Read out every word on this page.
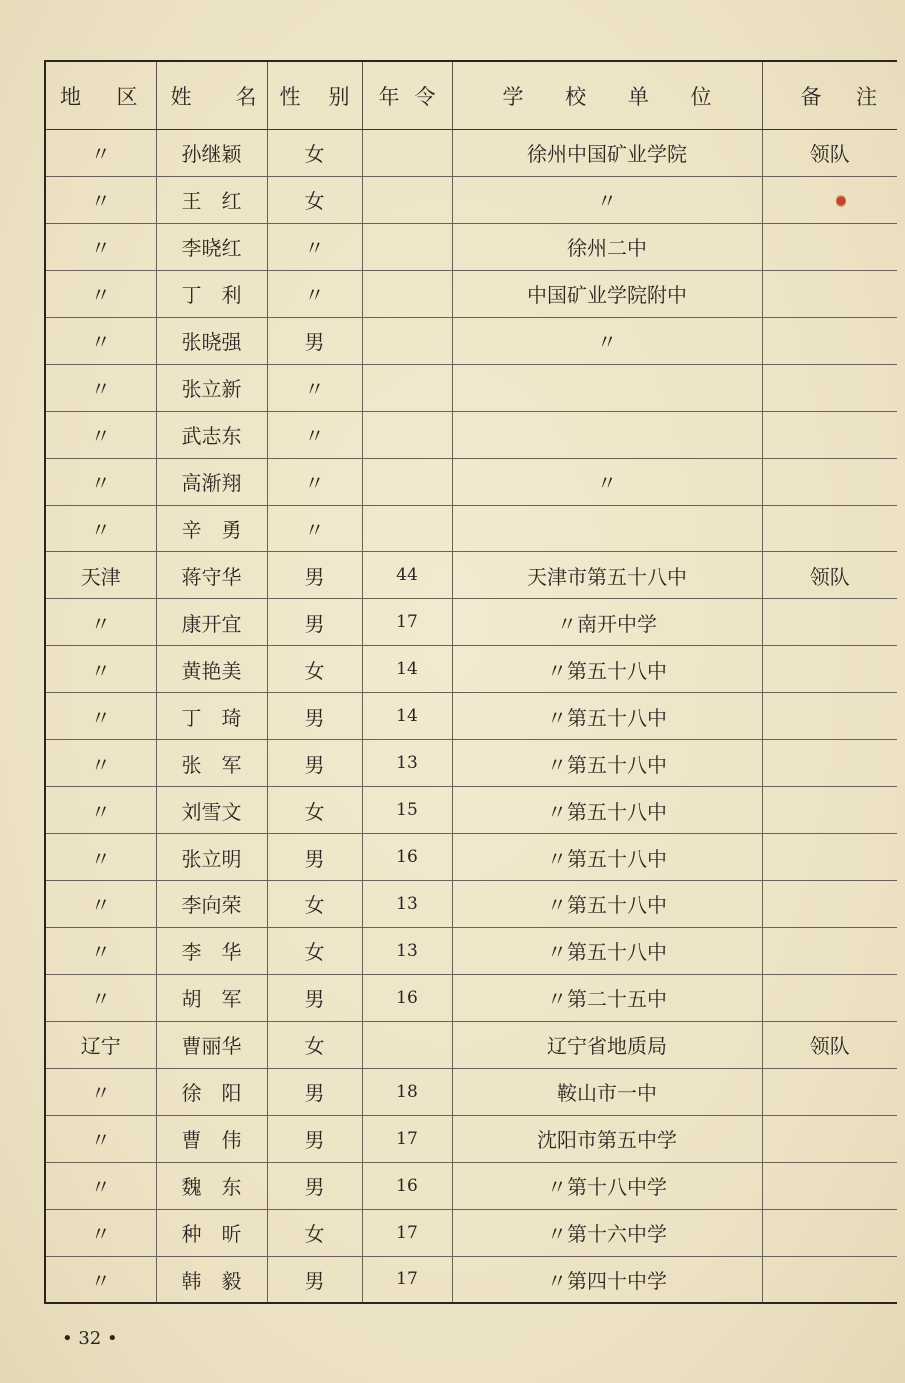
地 区	姓 名	性 别	年 令	学 校 单 位	备 注

〃	孙继颖	女		徐州中国矿业学院	领队
〃	王　红	女		〃	
〃	李晓红	〃		徐州二中	
〃	丁　利	〃		中国矿业学院附中	
〃	张晓强	男		〃	
〃	张立新	〃			
〃	武志东	〃			
〃	高渐翔	〃		〃	
〃	辛　勇	〃			
天津	蒋守华	男	44	天津市第五十八中	领队
〃	康开宜	男	17	〃南开中学	
〃	黄艳美	女	14	〃第五十八中	
〃	丁　琦	男	14	〃第五十八中	
〃	张　军	男	13	〃第五十八中	
〃	刘雪文	女	15	〃第五十八中	
〃	张立明	男	16	〃第五十八中	
〃	李向荣	女	13	〃第五十八中	
〃	李　华	女	13	〃第五十八中	
〃	胡　军	男	16	〃第二十五中	
辽宁	曹丽华	女		辽宁省地质局	领队
〃	徐　阳	男	18	鞍山市一中	
〃	曹　伟	男	17	沈阳市第五中学	
〃	魏　东	男	16	〃第十八中学	
〃	种　昕	女	17	〃第十六中学	
〃	韩　毅	男	17	〃第四十中学	
• 32 •
